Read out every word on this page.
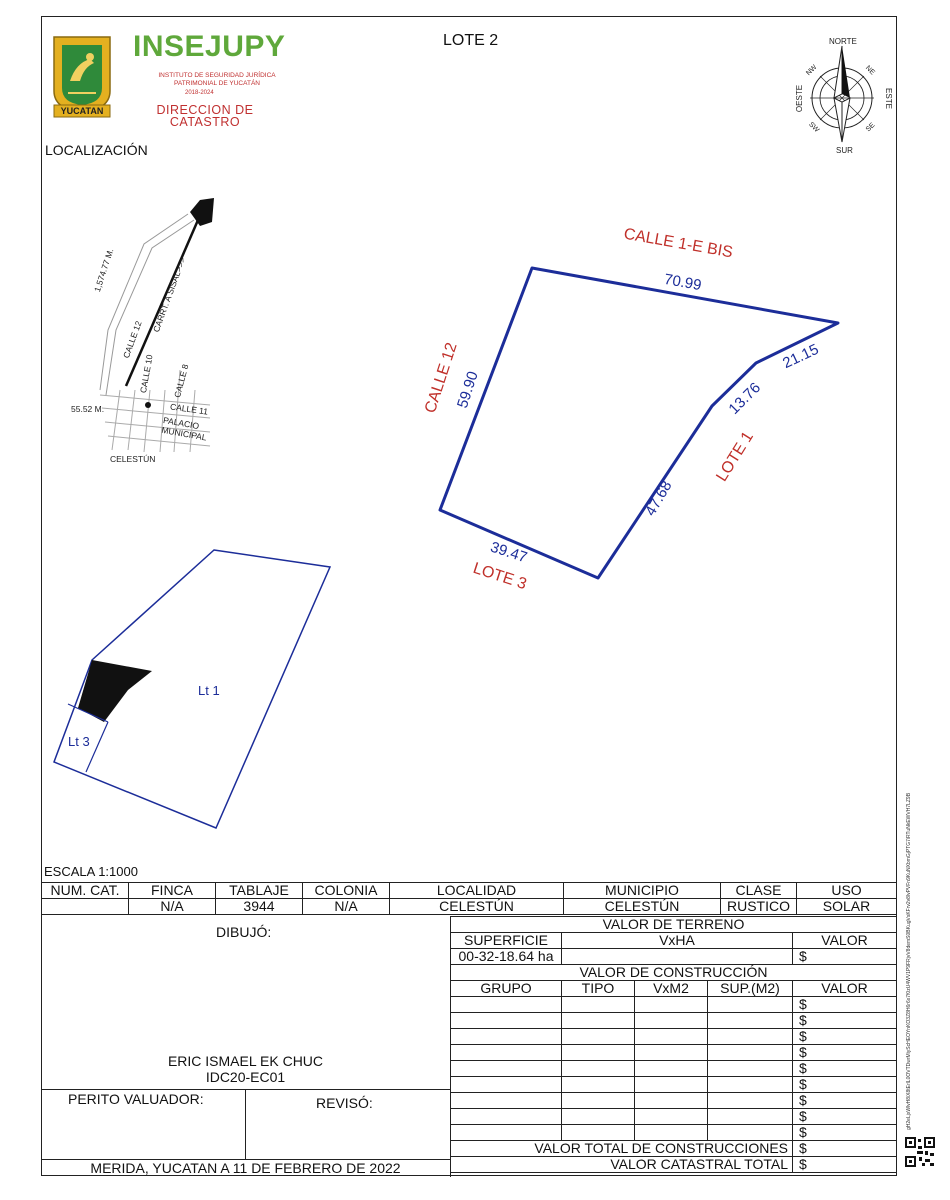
YUCATAN
INSEJUPY
INSTITUTO DE SEGURIDAD JURÍDICA PATRIMONIAL DE YUCATÁN
2018-2024
DIRECCION DE CATASTRO
LOTE 2	NORTE
SUR
ESTE
OESTE
NE
NW
SE
SW
LOCALIZACIÓN
1,574.77 M.	CARRT. A SISAL>>>
CALLE 12
CALLE 10 CALLE 8
CALLE 11
55.52 M.
PALACIO MUNICIPAL
CELESTÚN
CALLE 1-E BIS
70.99
CALLE 12
59.90
21.15
13.76
LOTE 1
47.68
39.47
LOTE 3
Lt 1
Lt 3
ESCALA 1:1000
NUM. CAT.	FINCA	TABLAJE	COLONIA	LOCALIDAD	MUNICIPIO	CLASE	USO
	N/A	3944	N/A	CELESTÚN	CELESTÚN	RUSTICO	SOLAR
DIBUJÓ:
ERIC ISMAEL EK CHUC
IDC20-EC01
PERITO VALUADOR:	REVISÓ:
MERIDA, YUCATAN A 11 DE FEBRERO DE 2022
VALOR DE TERRENO				
SUPERFICIE	VxHA			VALOR
00-32-18.64 ha				$
VALOR DE CONSTRUCCIÓN				
GRUPO	TIPO	VxM2	SUP.(M2)	VALOR
				$
				$
				$
				$
				$
				$
				$
				$
				$
VALOR TOTAL DE CONSTRUCCIONES				$
VALOR CATASTRAL TOTAL				$
gH2eLjxWlvH8iX8tErlL0OVTDwrMiyScHEOYnKO3Z8H6r6x7f0zU4WV1P9FRjvV8demS0BKugVsKFrv2v8lvPVFn9KuNXbmGjPTG7iRTuNkEWVH7LZ9B
